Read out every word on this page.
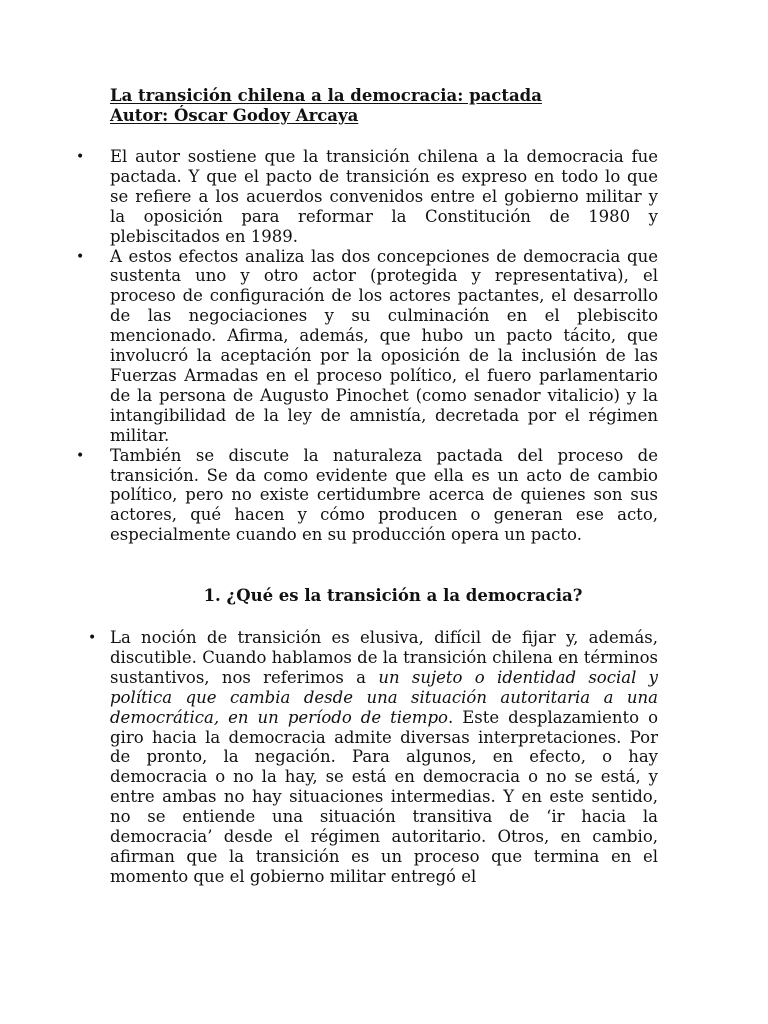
La transición chilena a la democracia: pactada
Autor: Óscar Godoy Arcaya
• El autor sostiene que la transición chilena a la democracia fue pactada. Y que el pacto de transición es expreso en todo lo que se refiere a los acuerdos convenidos entre el gobierno militar y la oposición para reformar la Constitución de 1980 y plebiscitados en 1989.
• A estos efectos analiza las dos concepciones de democracia que sustenta uno y otro actor (protegida y representativa), el proceso de configuración de los actores pactantes, el desarrollo de las negociaciones y su culminación en el plebiscito mencionado. Afirma, además, que hubo un pacto tácito, que involucró la aceptación por la oposición de la inclusión de las Fuerzas Armadas en el proceso político, el fuero parlamentario de la persona de Augusto Pinochet (como senador vitalicio) y la intangibilidad de la ley de amnistía, decretada por el régimen militar.
• También se discute la naturaleza pactada del proceso de transición. Se da como evidente que ella es un acto de cambio político, pero no existe certidumbre acerca de quienes son sus actores, qué hacen y cómo producen o generan ese acto, especialmente cuando en su producción opera un pacto.
1. ¿Qué es la transición a la democracia?
• La noción de transición es elusiva, difícil de fijar y, además, discutible. Cuando hablamos de la transición chilena en términos sustantivos, nos referimos a un sujeto o identidad social y política que cambia desde una situación autoritaria a una democrática, en un período de tiempo. Este desplazamiento o giro hacia la democracia admite diversas interpretaciones. Por de pronto, la negación. Para algunos, en efecto, o hay democracia o no la hay, se está en democracia o no se está, y entre ambas no hay situaciones intermedias. Y en este sentido, no se entiende una situación transitiva de ‘ir hacia la democracia’ desde el régimen autoritario. Otros, en cambio, afirman que la transición es un proceso que termina en el momento que el gobierno militar entregó el
